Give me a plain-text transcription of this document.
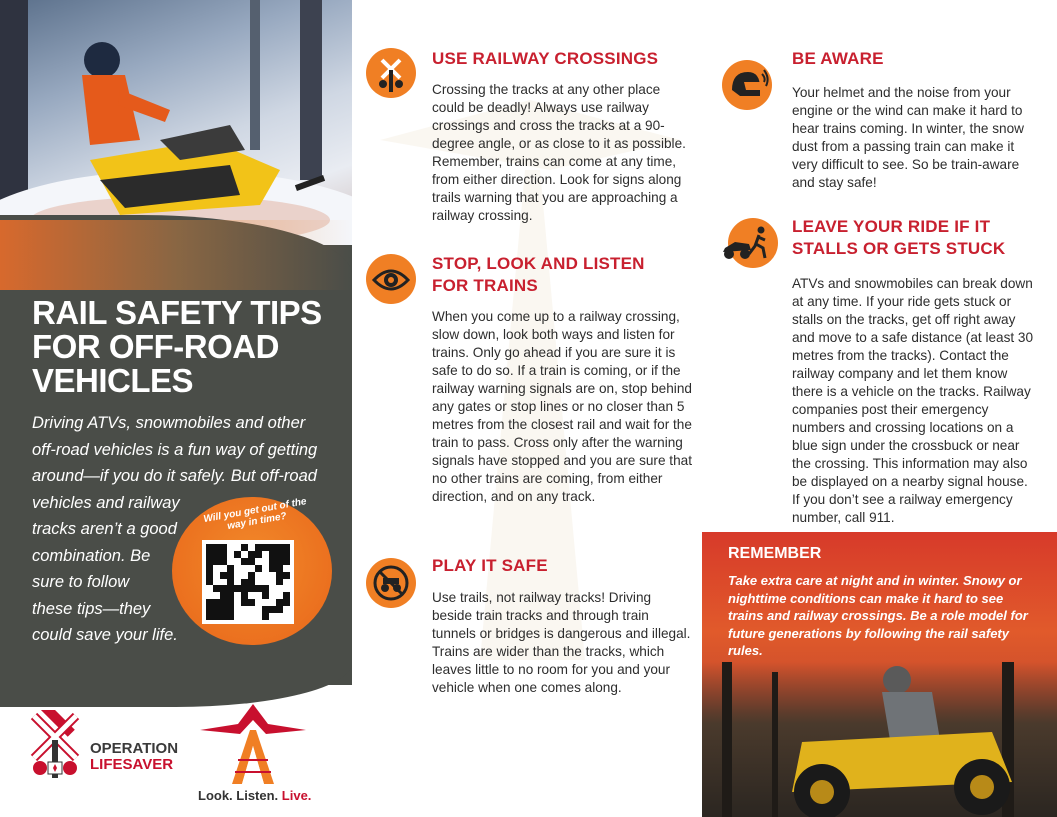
RAIL SAFETY TIPS FOR OFF-ROAD VEHICLES
Driving ATVs, snowmobiles and other
off-road vehicles is a fun way of getting
around—if you do it safely. But off-road
vehicles and railway
tracks aren’t a good
combination. Be
sure to follow
these tips—they
could save your life.
Will you get out of the way in time?
OPERATION
LIFESAVER
Look. Listen. Live.
USE RAILWAY CROSSINGS
Crossing the tracks at any other place could be deadly! Always use railway crossings and cross the tracks at a 90-degree angle, or as close to it as possible. Remember, trains can come at any time, from either direction. Look for signs along trails warning that you are approaching a railway crossing.
STOP, LOOK AND LISTEN FOR TRAINS
When you come up to a railway crossing, slow down, look both ways and listen for trains. Only go ahead if you are sure it is safe to do so. If a train is coming, or if the railway warning signals are on, stop behind any gates or stop lines or no closer than 5 metres from the closest rail and wait for the train to pass. Cross only after the warning signals have stopped and you are sure that no other trains are coming, from either direction, and on any track.
PLAY IT SAFE
Use trails, not railway tracks! Driving beside train tracks and through train tunnels or bridges is dangerous and illegal. Trains are wider than the tracks, which leaves little to no room for you and your vehicle when one comes along.
BE AWARE
Your helmet and the noise from your engine or the wind can make it hard to hear trains coming. In winter, the snow dust from a passing train can make it very difficult to see. So be train-aware and stay safe!
LEAVE YOUR RIDE IF IT STALLS OR GETS STUCK
ATVs and snowmobiles can break down at any time. If your ride gets stuck or stalls on the tracks, get off right away and move to a safe distance (at least 30 metres from the tracks). Contact the railway company and let them know there is a vehicle on the tracks. Railway companies post their emergency numbers and crossing locations on a blue sign under the crossbuck or near the crossing. This information may also be displayed on a nearby signal house. If you don’t see a railway emergency number, call 911.
REMEMBER
Take extra care at night and in winter. Snowy or nighttime conditions can make it hard to see trains and railway crossings. Be a role model for future generations by following the rail safety rules.
